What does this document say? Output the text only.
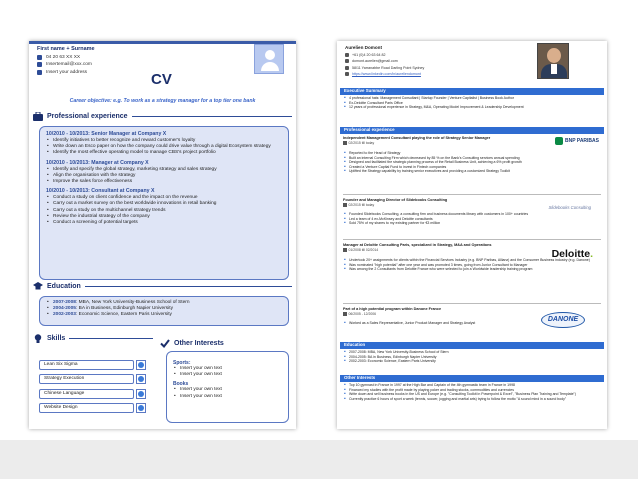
First name + Surname
04 20 63 XX XX
Insertemail@xxx.com
Insert your address	CV
Career objective: e.g. To work as a strategy manager for a top tier one bank
Professional experience
10/2010 - 10/2013: Senior Manager at Company X
• Identify initiatives to better recognize and reward customer's loyalty
• Write down an Esco paper on how the company could drive value through a digital Ecosystem strategy
• Identify the most effective operating model to manage CBS's project portfolio
10/2010 - 10/2013: Manager at Company X
• Identify and specify the global strategy, marketing strategy and sales strategy
• Align the organisation with the strategy
• Improve the sales force effectiveness
10/2010 - 10/2013: Consultant at Company X
• Conduct a study on client confidence and the impact on the revenue
• Carry out a market survey on the best worldwide innovations in retail banking
• Carry out a study on the multichannel strategy trends
• Review the industrial strategy of the company
• Conduct a screening of potential targets
Education
• 2007-2008: MBA, New York University-Business School of Stern
• 2004-2005: BA in Business, Edinburgh Napier University
• 2002-2003: Economic Science, Eastern Paris University
Skills
Lean Six Sigma
Strategy Execution
Chinese Language
Website Design
Other Interests
Sports:
• Insert your own text
• Insert your own text
Books
• Insert your own text
• Insert your own text
Aurelien Domont
+61 (0)4 20 63 64 82
domont.aurelien@gmail.com
58/11 Yarranabbe Road Darling Point Sydney
https://www.linkedin.com/in/aureliendomont
Executive Summary
■ 4 professional hats: Management Consultant | Startup Founder | Venture Capitalist | Business Book Author
■ Ex-Deloitte Consultant Paris Office
■ 12 years of professional experience in Strategy, M&A, Operating Model Improvement & Leadership Development
Professional experience
Independent Management Consultant playing the role of Strategy Senior Manager
02/2015 till today
■ Reported to the Head of Strategy
■ Built an internal Consulting Firm which decreased by 85 % on the Bank's Consulting services annual spending
■ Designed and facilitated the strategic planning process of the Retail Business Unit, achieving a 6% profit growth
■ Created a Venture Capital Fund to invest in Fintech companies
■ Uplifted the Strategy capability by training senior executives and providing a customized Strategy Toolkit
BNP PARIBAS
Founder and Managing Director of Slidebooks Consulting
02/2015 till today
■ Founded Slidebooks Consulting, a consulting firm and business documents library with customers in 100+ countries
■ Led a team of 4 ex-McKinsey and Deloitte consultants
■ Sold 75% of my shares to my existing partner for €3 million
Slidebooks Consulting
Manager at Deloitte Consulting Paris, specialized in Strategy, M&A and Operations
01/2008 till 02/2014
■ Undertook 20+ assignments for clients within the Financial Services Industry (e.g. BNP Paribas, Allianz) and the Consumer Business industry (e.g. Danone)
■ Was nominated "high potential" after one year and was promoted 3 times, going from Junior Consultant to Manager
■ Was among the 2 Consultants from Deloitte France who were selected to join a Worldwide leadership training program
Deloitte.
Part of a high potential program within Danone France
06/2005 - 12/2006
■ Worked as a Sales Representative, Junior Product Manager and Strategy Analyst	DANONE
Education
■ 2007-2008: MBA, New York University-Business School of Stern
■ 2004-2005: BA in Business, Edinburgh Napier University
■ 2002-2003: Economic Science, Eastern Paris University
Other Interests
■ Top 10 gymnast in France in 1997 at the High Bar and Captain of the 4th gymnastic team in France in 1998
■ Financed my studies with the profit made by playing poker and trading stocks, commodities and currencies
■ Write down and sell business books in the US and Europe (e.g. "Consulting Toolkit in Powerpoint & Excel", "Business Plan Training and Template")
■ Currently practice 6 hours of sport a week (tennis, soccer, jogging and martial arts) trying to follow the motto "A sound mind in a sound body"
